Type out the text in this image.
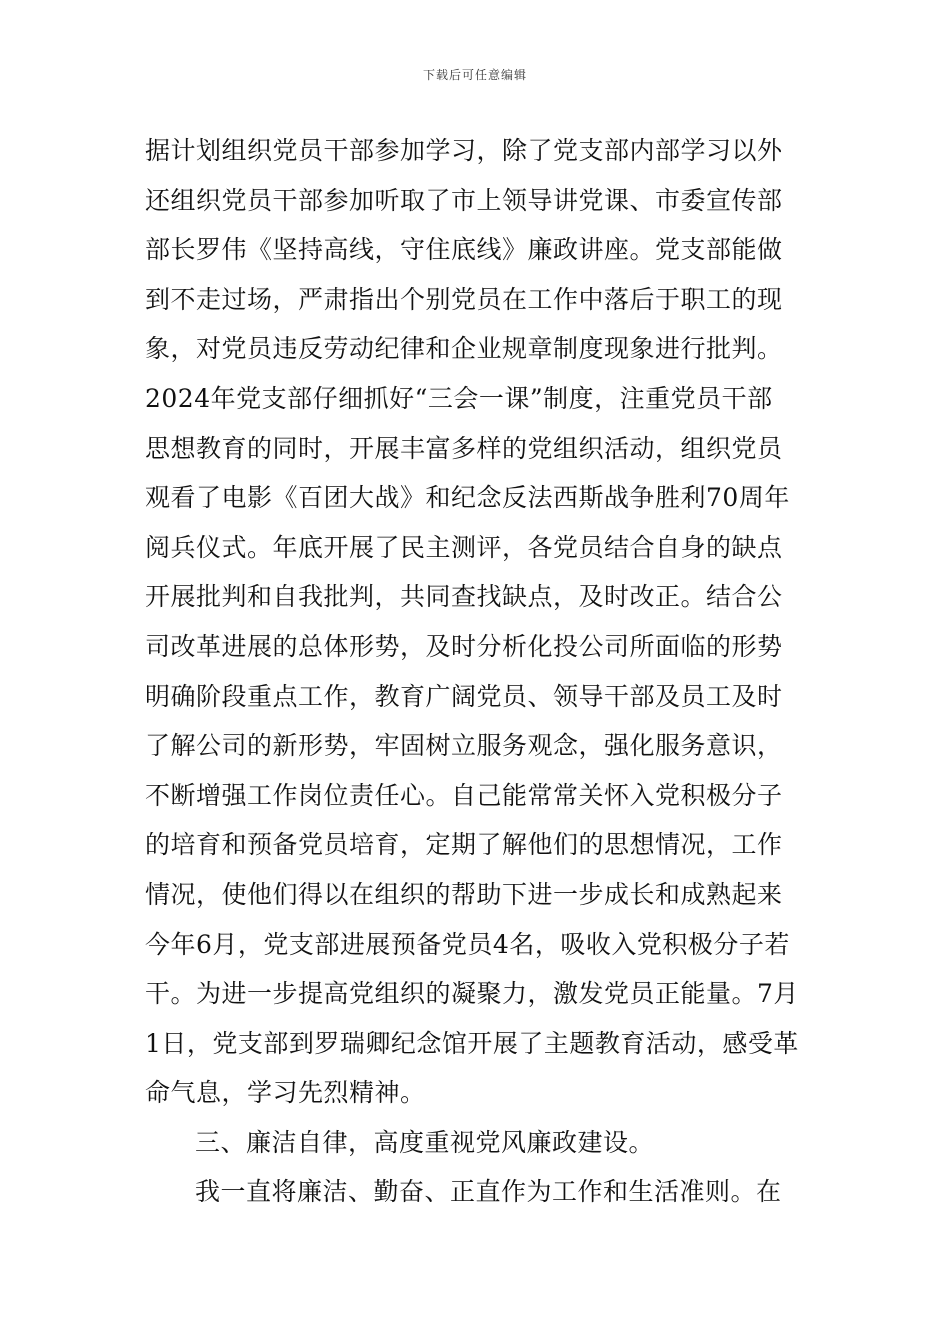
下载后可任意编辑
据计划组织党员干部参加学习，除了党支部内部学习以外
还组织党员干部参加听取了市上领导讲党课、市委宣传部
部长罗伟《坚持高线，守住底线》廉政讲座。党支部能做
到不走过场，严肃指出个别党员在工作中落后于职工的现
象，对党员违反劳动纪律和企业规章制度现象进行批判。
2024年党支部仔细抓好“三会一课”制度，注重党员干部
思想教育的同时，开展丰富多样的党组织活动，组织党员
观看了电影《百团大战》和纪念反法西斯战争胜利70周年
阅兵仪式。年底开展了民主测评，各党员结合自身的缺点
开展批判和自我批判，共同查找缺点，及时改正。结合公
司改革进展的总体形势，及时分析化投公司所面临的形势
明确阶段重点工作，教育广阔党员、领导干部及员工及时
了解公司的新形势，牢固树立服务观念，强化服务意识，
不断增强工作岗位责任心。自己能常常关怀入党积极分子
的培育和预备党员培育，定期了解他们的思想情况，工作
情况，使他们得以在组织的帮助下进一步成长和成熟起来
今年6月，党支部进展预备党员4名，吸收入党积极分子若
干。为进一步提高党组织的凝聚力，激发党员正能量。7月
1日，党支部到罗瑞卿纪念馆开展了主题教育活动，感受革
命气息，学习先烈精神。
三、廉洁自律，高度重视党风廉政建设。
我一直将廉洁、勤奋、正直作为工作和生活准则。在
